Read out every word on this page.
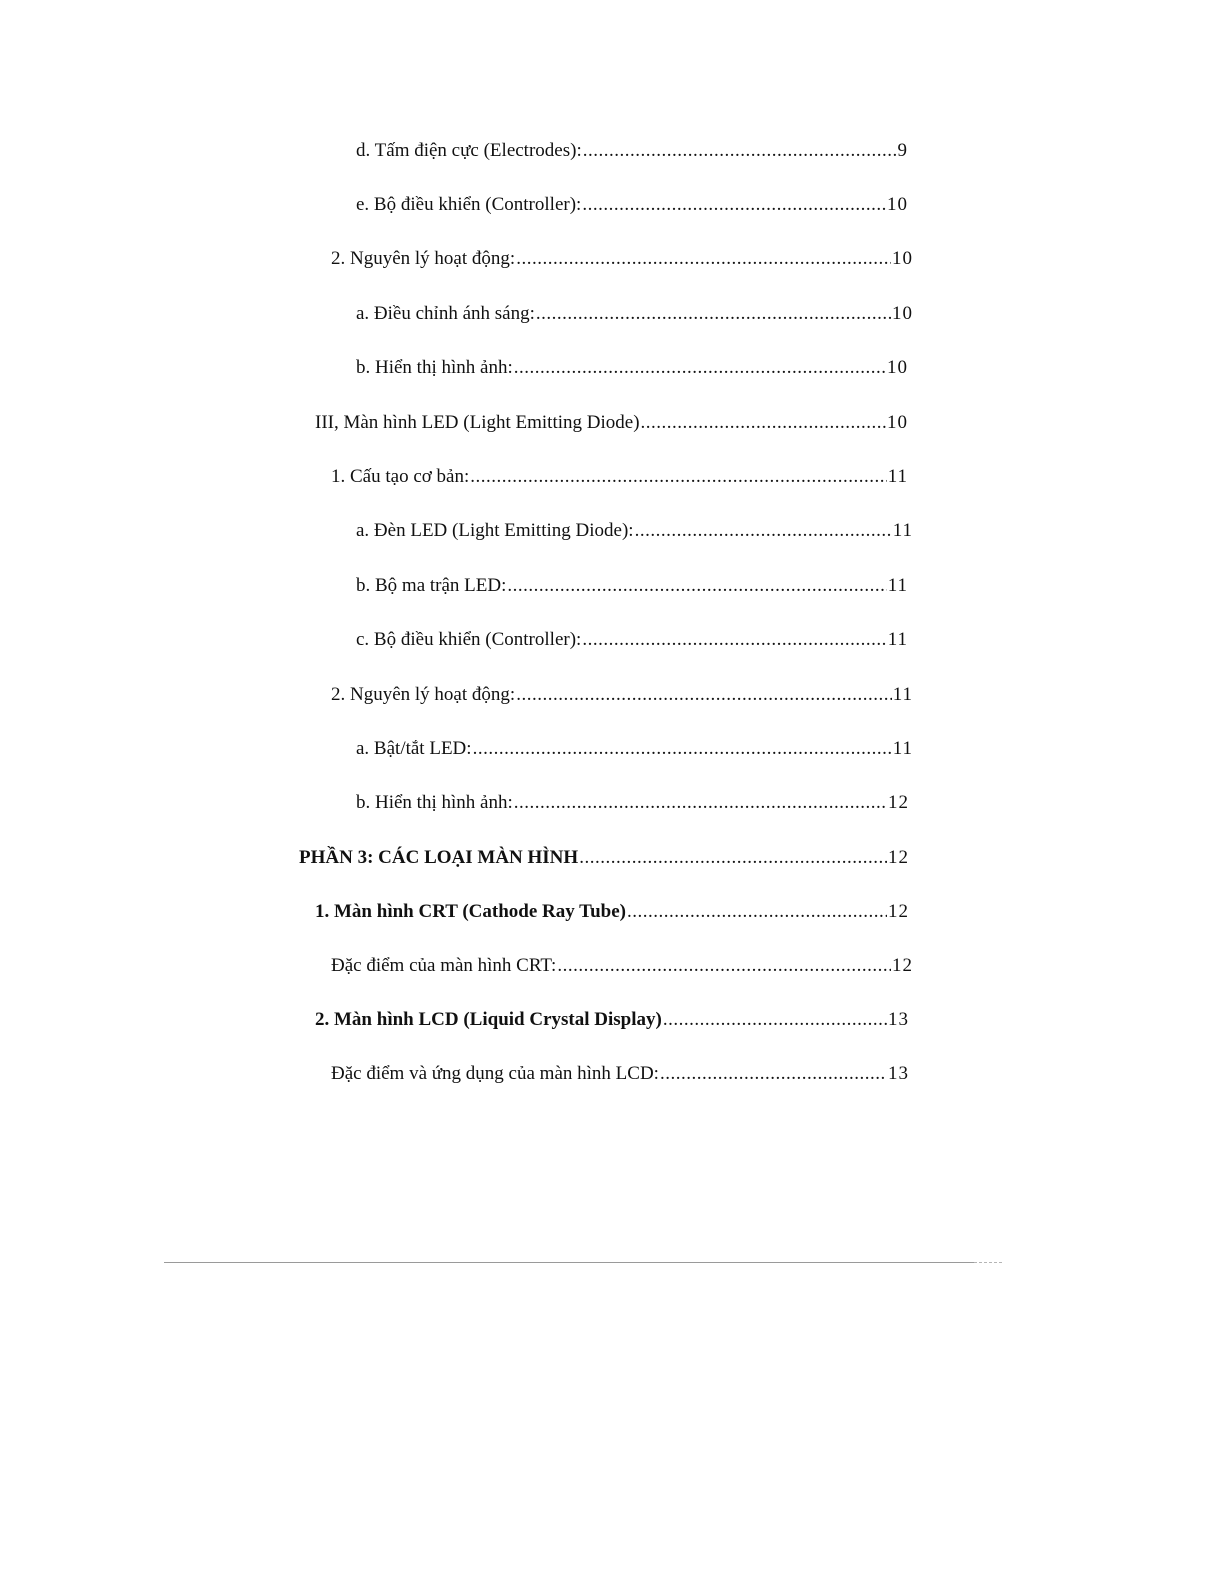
d. Tấm điện cực (Electrodes): .....	9
e. Bộ điều khiển (Controller): .....	10
2. Nguyên lý hoạt động: .....	10
a. Điều chỉnh ánh sáng: .....	10
b. Hiển thị hình ảnh: .....	10
III, Màn hình LED (Light Emitting Diode) .....	10
1. Cấu tạo cơ bản: .....	11
a. Đèn LED (Light Emitting Diode): .....	11
b. Bộ ma trận LED: .....	11
c. Bộ điều khiển (Controller): .....	11
2. Nguyên lý hoạt động: .....	11
a. Bật/tắt LED: .....	11
b. Hiển thị hình ảnh: .....	12
PHẦN 3: CÁC LOẠI MÀN HÌNH .....	12
1. Màn hình CRT (Cathode Ray Tube) .....	12
Đặc điểm của màn hình CRT: .....	12
2. Màn hình LCD (Liquid Crystal Display) .....	13
Đặc điểm và ứng dụng của màn hình LCD: .....	13
